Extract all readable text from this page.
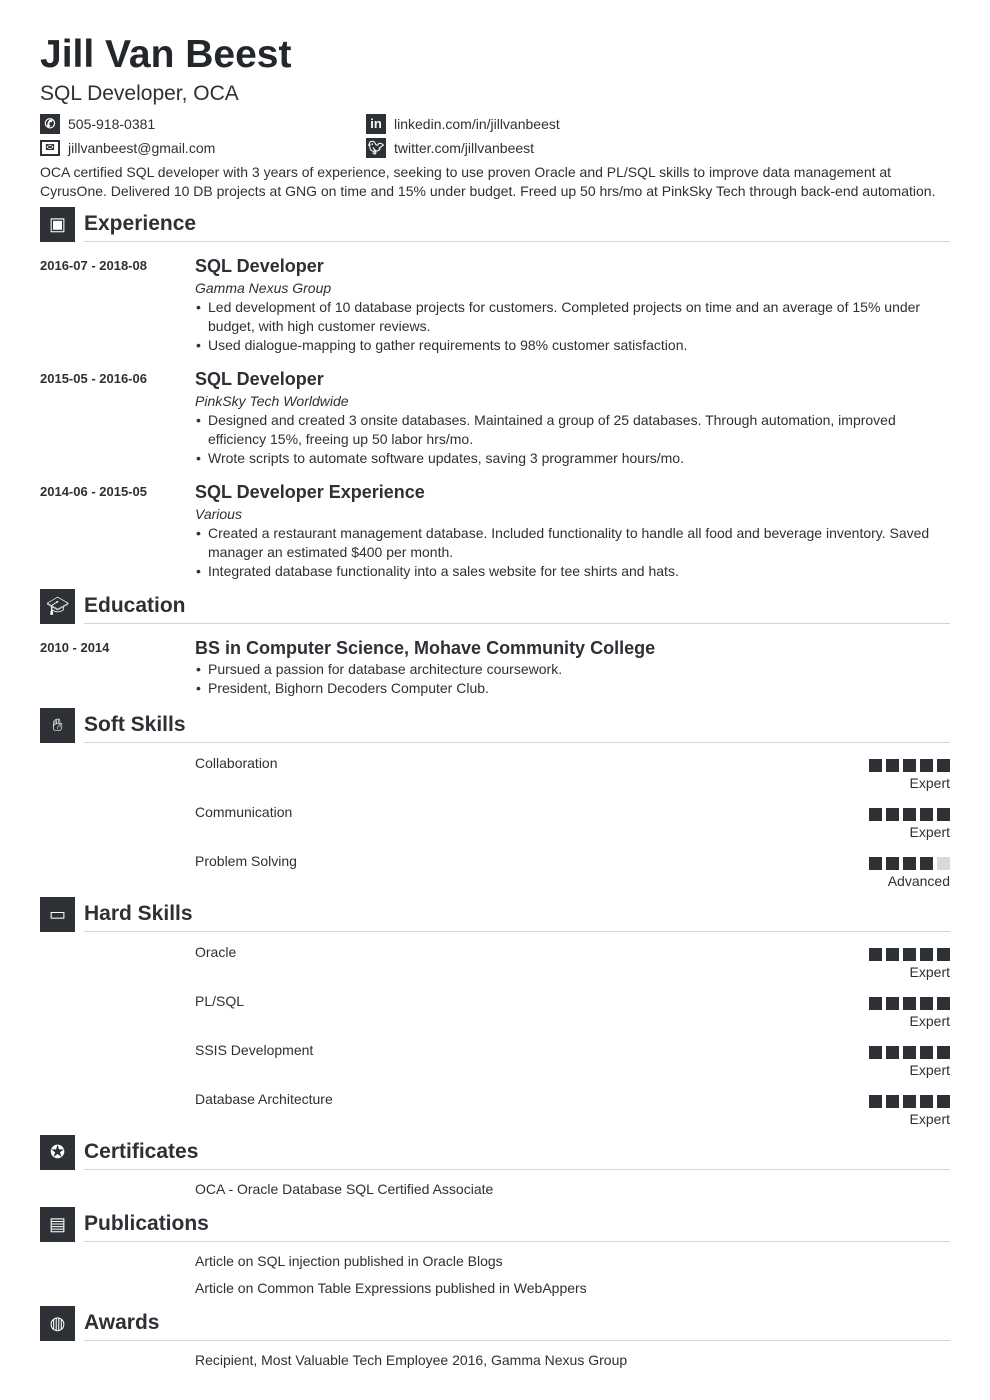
Jill Van Beest
SQL Developer, OCA
✆ 505-918-0381	in linkedin.com/in/jillvanbeest
✉ jillvanbeest@gmail.com	🐦︎ twitter.com/jillvanbeest

OCA certified SQL developer with 3 years of experience, seeking to use proven Oracle and PL/SQL skills to improve data management at CyrusOne. Delivered 10 DB projects at GNG on time and 15% under budget. Freed up 50 hrs/mo at PinkSky Tech through back-end automation.

▣ Experience
2016-07 - 2018-08	SQL Developer
Gamma Nexus Group
• Led development of 10 database projects for customers. Completed projects on time and an average of 15% under budget, with high customer reviews.
• Used dialogue-mapping to gather requirements to 98% customer satisfaction.
2015-05 - 2016-06	SQL Developer
PinkSky Tech Worldwide
• Designed and created 3 onsite databases. Maintained a group of 25 databases. Through automation, improved efficiency 15%, freeing up 50 labor hrs/mo.
• Wrote scripts to automate software updates, saving 3 programmer hours/mo.
2014-06 - 2015-05	SQL Developer Experience
Various
• Created a restaurant management database. Included functionality to handle all food and beverage inventory. Saved manager an estimated $400 per month.
• Integrated database functionality into a sales website for tee shirts and hats.
🎓︎ Education
2010 - 2014	BS in Computer Science, Mohave Community College
• Pursued a passion for database architecture coursework.
• President, Bighorn Decoders Computer Club.
✋︎	Soft Skills
Collaboration
Expert
Communication
Expert
Problem Solving
Advanced
▭ Hard Skills
Oracle
Expert
PL/SQL
Expert
SSIS Development
Expert
Database Architecture
Expert
✪ Certificates
OCA - Oracle Database SQL Certified Associate
▤ Publications
Article on SQL injection published in Oracle Blogs
Article on Common Table Expressions published in WebAppers
◍ Awards
Recipient, Most Valuable Tech Employee 2016, Gamma Nexus Group
